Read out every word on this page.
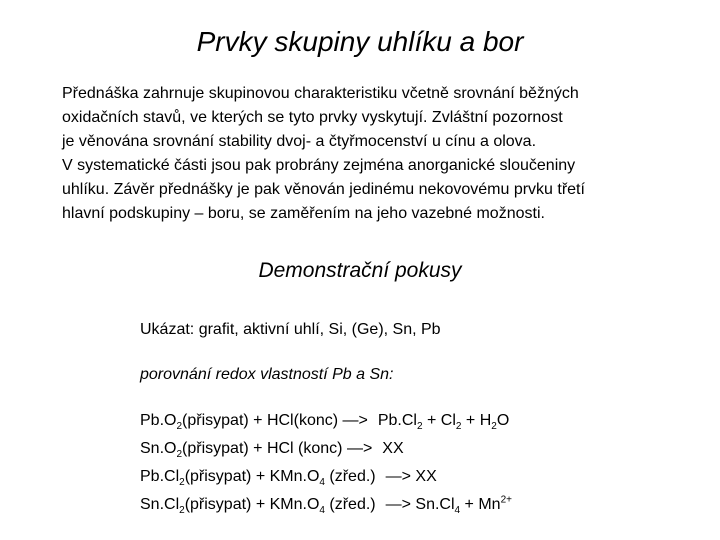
Prvky skupiny uhlíku a bor
Přednáška zahrnuje skupinovou charakteristiku včetně srovnání běžných
oxidačních stavů, ve kterých se tyto prvky vyskytují. Zvláštní pozornost
je věnována srovnání stability dvoj- a čtyřmocenství u cínu a olova.
V systematické části jsou pak probrány zejména anorganické sloučeniny
uhlíku. Závěr přednášky je pak věnován jedinému nekovovému prvku třetí
hlavní podskupiny – boru, se zaměřením na jeho vazebné možnosti.
Demonstrační pokusy
Ukázat: grafit, aktivní uhlí, Si, (Ge), Sn, Pb
porovnání redox vlastností Pb a Sn:
$Pb.O_2(přisypat)$ + HCl(konc) —> $Pb.Cl_2 + Cl_2 + H_2O$
$Sn.O_2(přisypat)$ + HCl (konc) —> XX
$Pb.Cl_2(přisypat) + KMn.O_4$ (zřed.) —> XX
$Sn.Cl_2(přisypat) + KMn.O_4$ (zřed.) —> $Sn.Cl_4 + Mn^{2+}$
